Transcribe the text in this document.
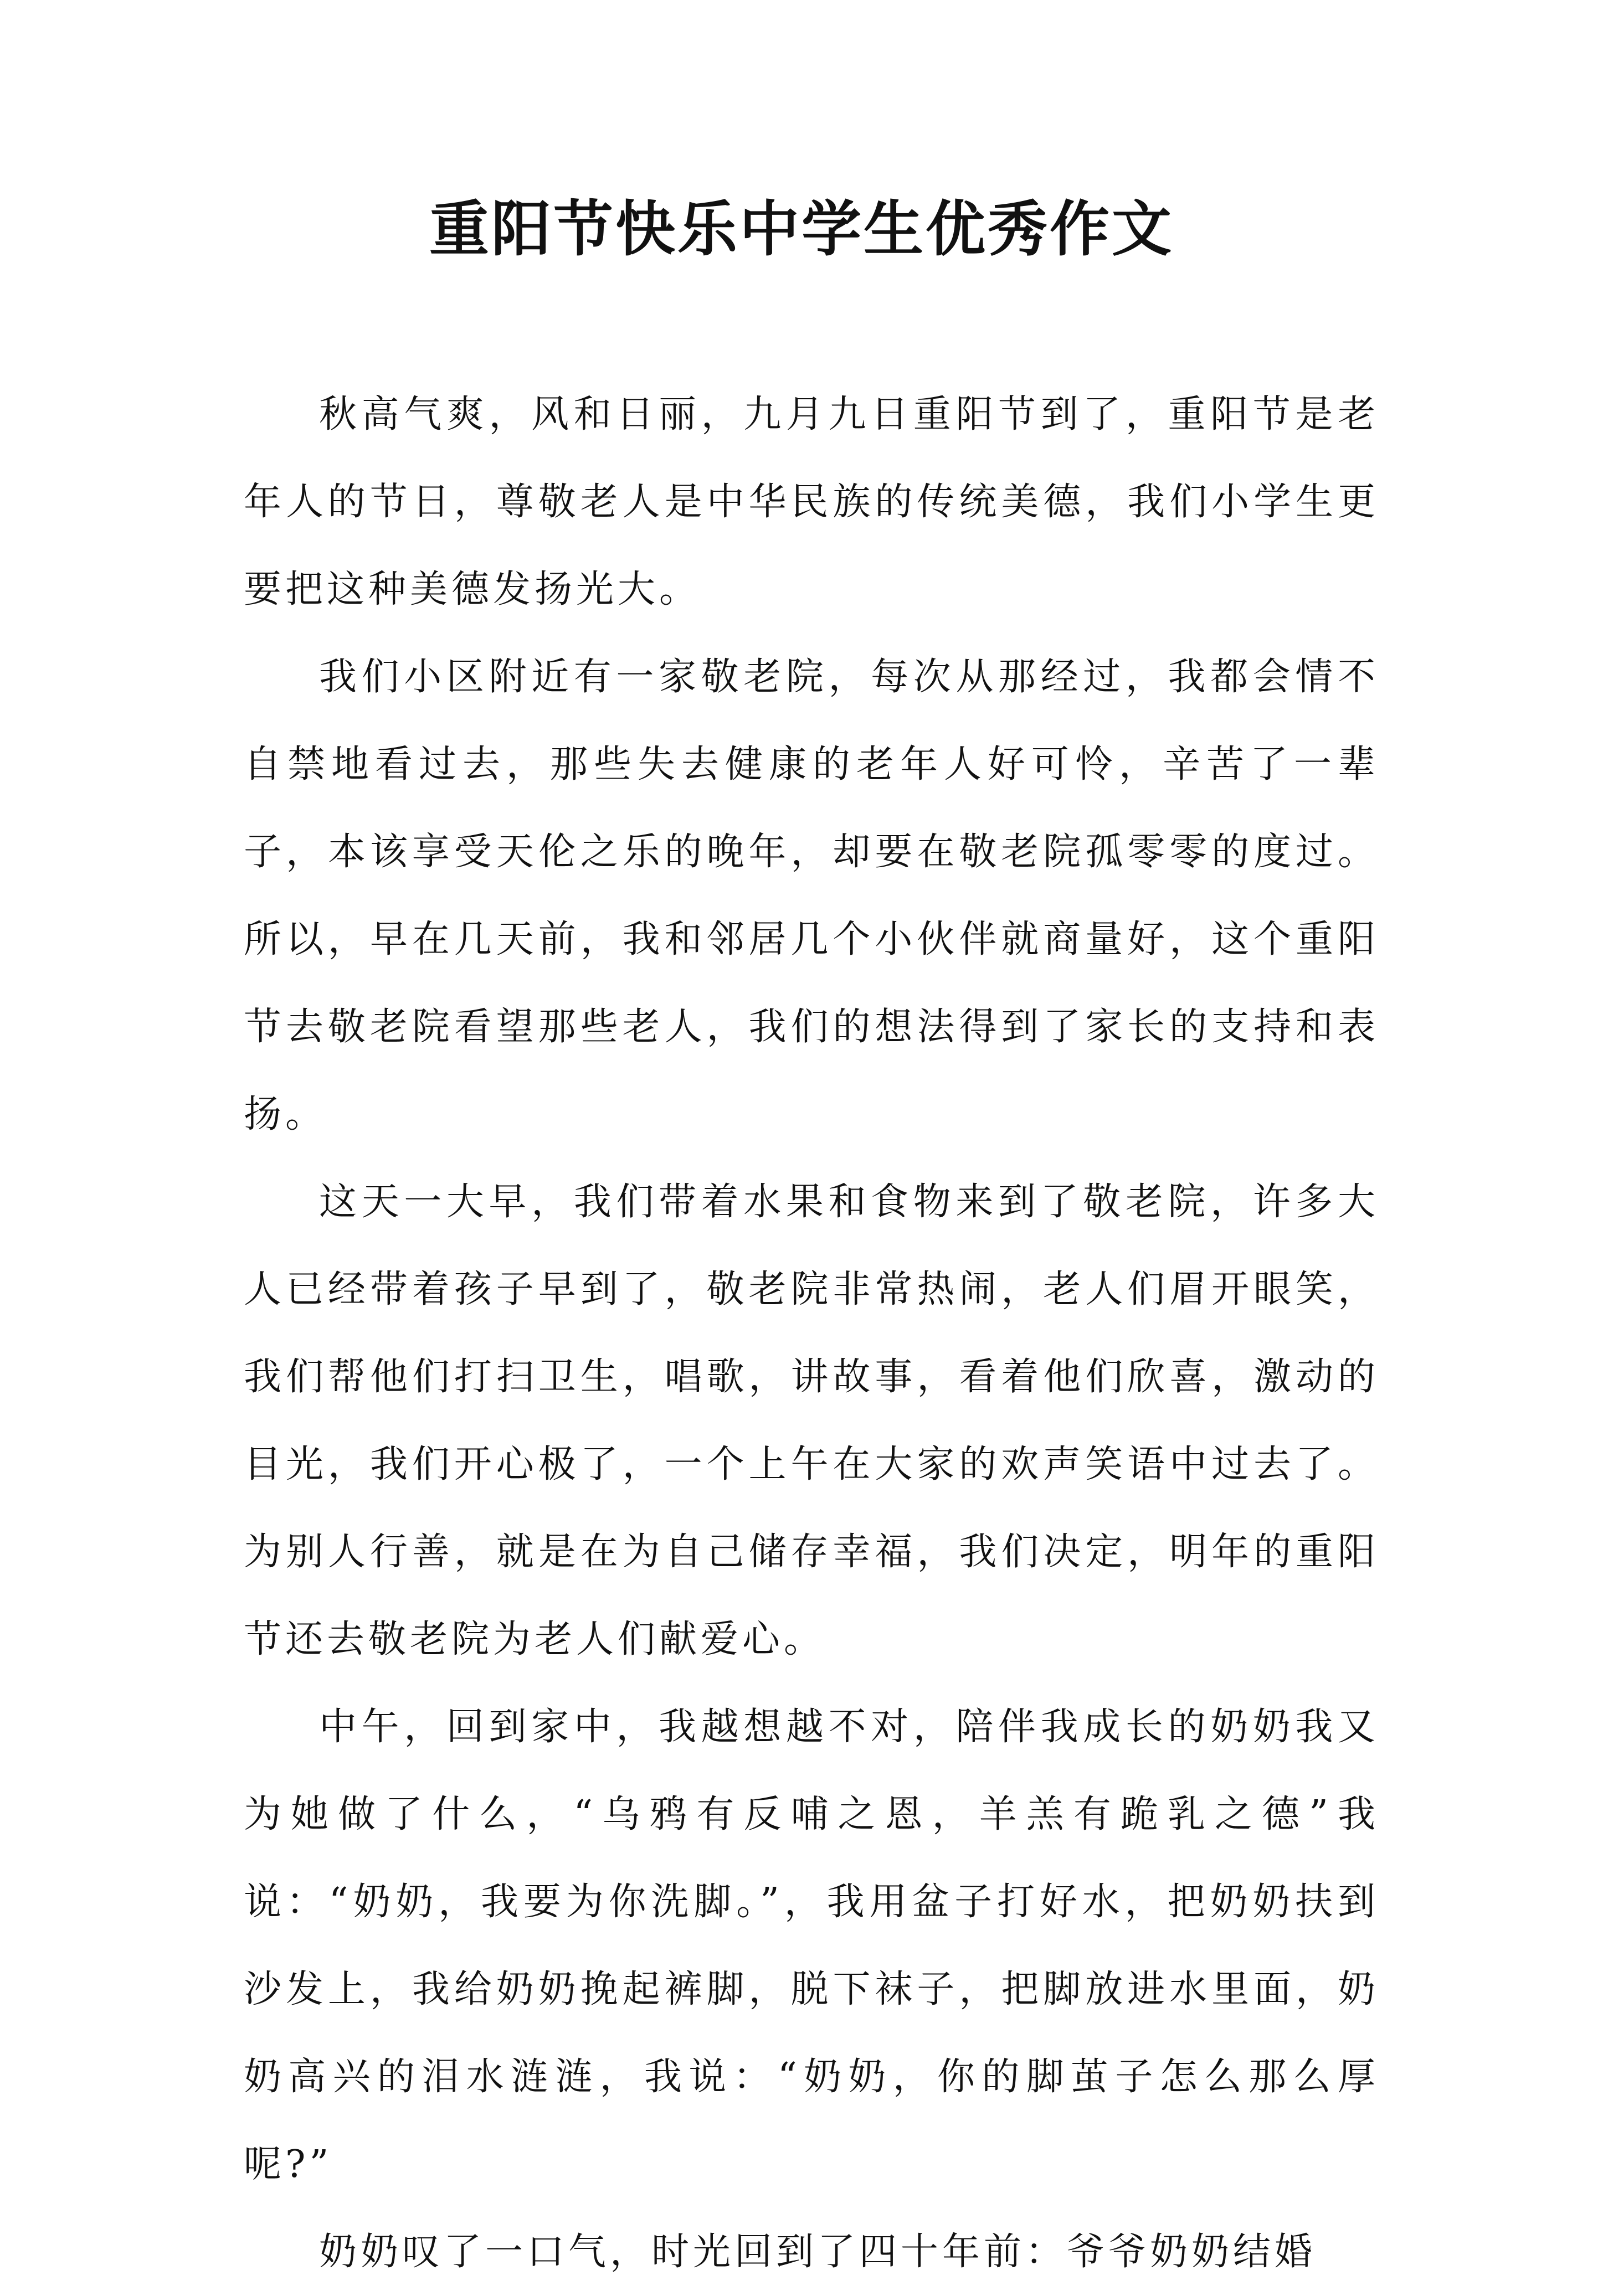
重阳节快乐中学生优秀作文

秋高气爽，风和日丽，九月九日重阳节到了，重阳节是老年人的节日，尊敬老人是中华民族的传统美德，我们小学生更要把这种美德发扬光大。

我们小区附近有一家敬老院，每次从那经过，我都会情不自禁地看过去，那些失去健康的老年人好可怜，辛苦了一辈子，本该享受天伦之乐的晚年，却要在敬老院孤零零的度过。所以，早在几天前，我和邻居几个小伙伴就商量好，这个重阳节去敬老院看望那些老人，我们的想法得到了家长的支持和表扬。

这天一大早，我们带着水果和食物来到了敬老院，许多大人已经带着孩子早到了，敬老院非常热闹，老人们眉开眼笑，我们帮他们打扫卫生，唱歌，讲故事，看着他们欣喜，激动的目光，我们开心极了，一个上午在大家的欢声笑语中过去了。为别人行善，就是在为自己储存幸福，我们决定，明年的重阳节还去敬老院为老人们献爱心。

中午，回到家中，我越想越不对，陪伴我成长的奶奶我又为她做了什么，“乌鸦有反哺之恩，羊羔有跪乳之德”我说：“奶奶，我要为你洗脚。”，我用盆子打好水，把奶奶扶到沙发上，我给奶奶挽起裤脚，脱下袜子，把脚放进水里面，奶奶高兴的泪水涟涟，我说：“奶奶，你的脚茧子怎么那么厚呢?”

奶奶叹了一口气，时光回到了四十年前：爷爷奶奶结婚
